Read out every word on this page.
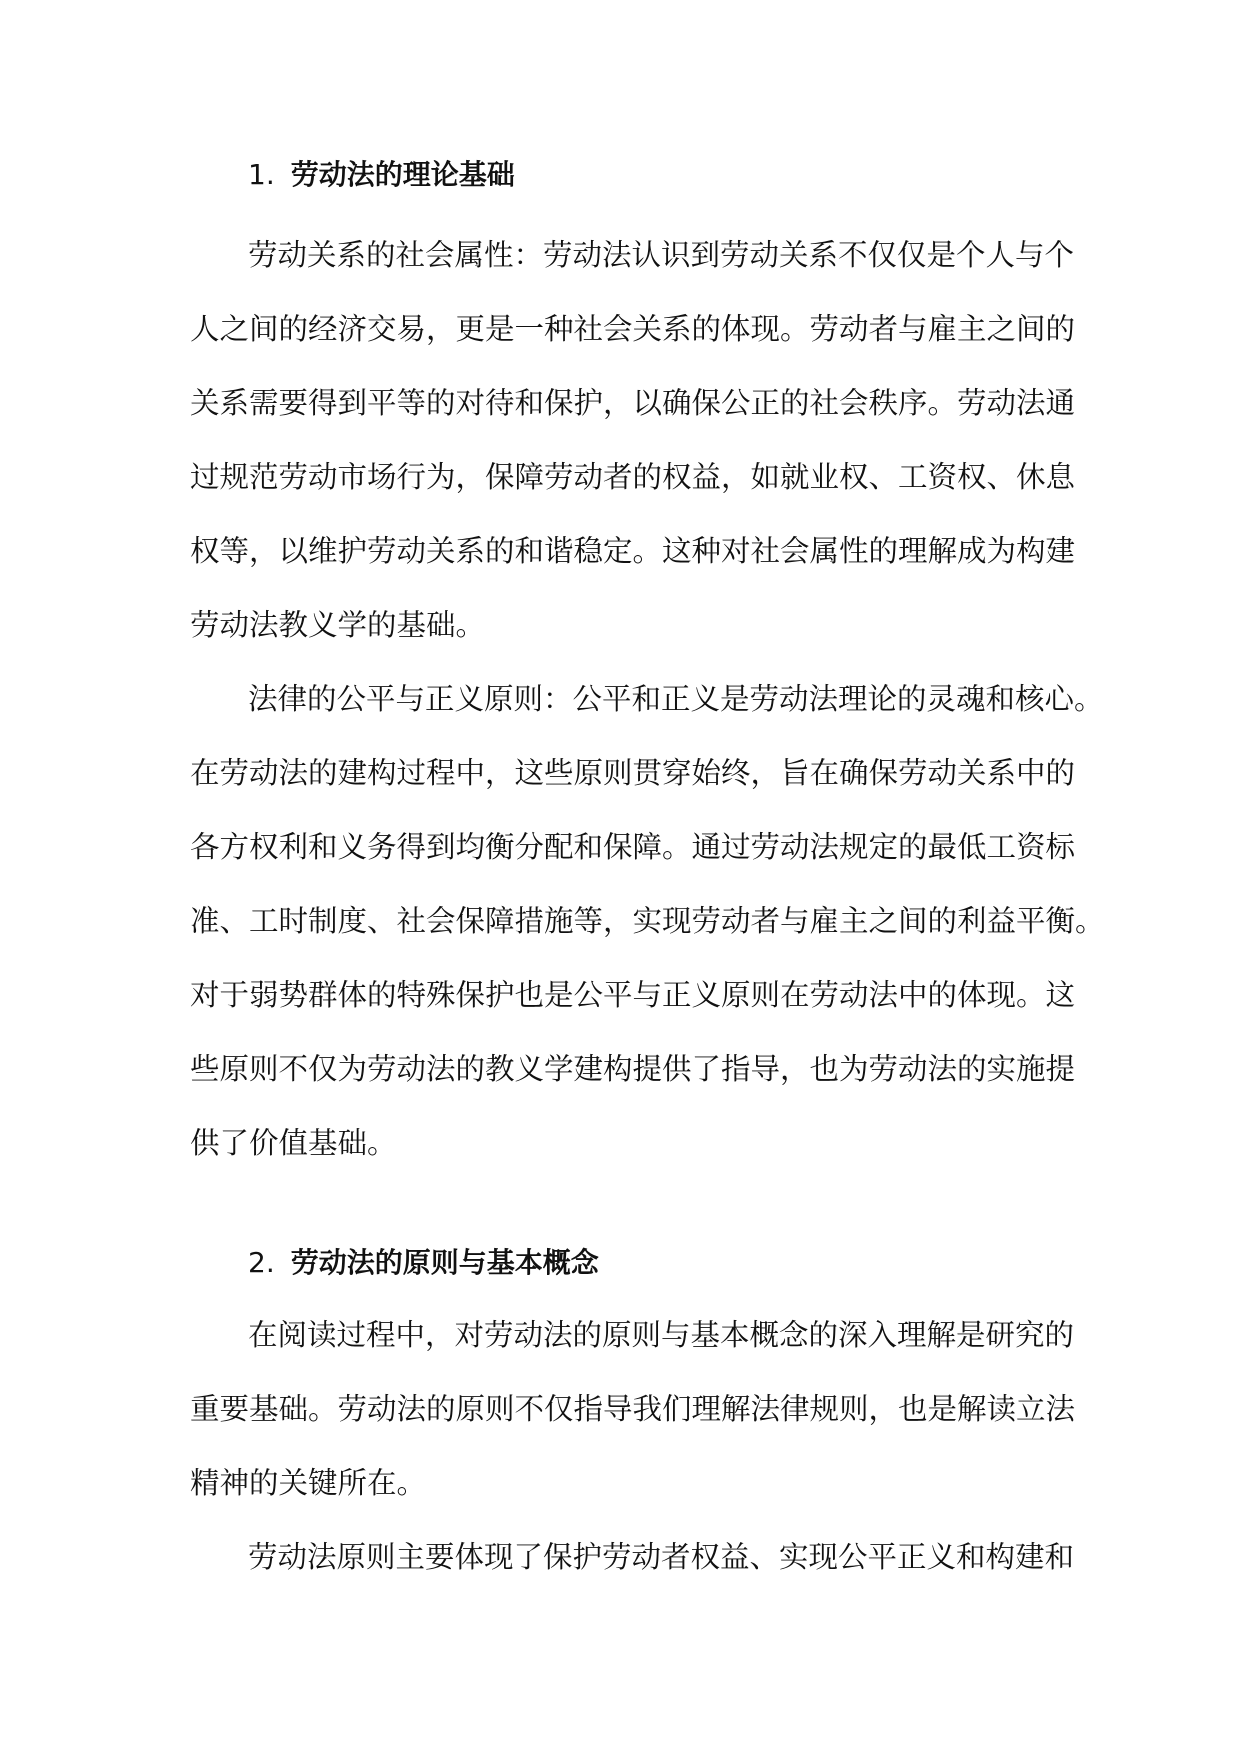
1. 劳动法的理论基础

劳动关系的社会属性：劳动法认识到劳动关系不仅仅是个人与个
人之间的经济交易，更是一种社会关系的体现。劳动者与雇主之间的
关系需要得到平等的对待和保护，以确保公正的社会秩序。劳动法通
过规范劳动市场行为，保障劳动者的权益，如就业权、工资权、休息
权等，以维护劳动关系的和谐稳定。这种对社会属性的理解成为构建
劳动法教义学的基础。

法律的公平与正义原则：公平和正义是劳动法理论的灵魂和核心。
在劳动法的建构过程中，这些原则贯穿始终，旨在确保劳动关系中的
各方权利和义务得到均衡分配和保障。通过劳动法规定的最低工资标
准、工时制度、社会保障措施等，实现劳动者与雇主之间的利益平衡。
对于弱势群体的特殊保护也是公平与正义原则在劳动法中的体现。这
些原则不仅为劳动法的教义学建构提供了指导，也为劳动法的实施提
供了价值基础。

2. 劳动法的原则与基本概念

在阅读过程中，对劳动法的原则与基本概念的深入理解是研究的
重要基础。劳动法的原则不仅指导我们理解法律规则，也是解读立法
精神的关键所在。

劳动法原则主要体现了保护劳动者权益、实现公平正义和构建和
